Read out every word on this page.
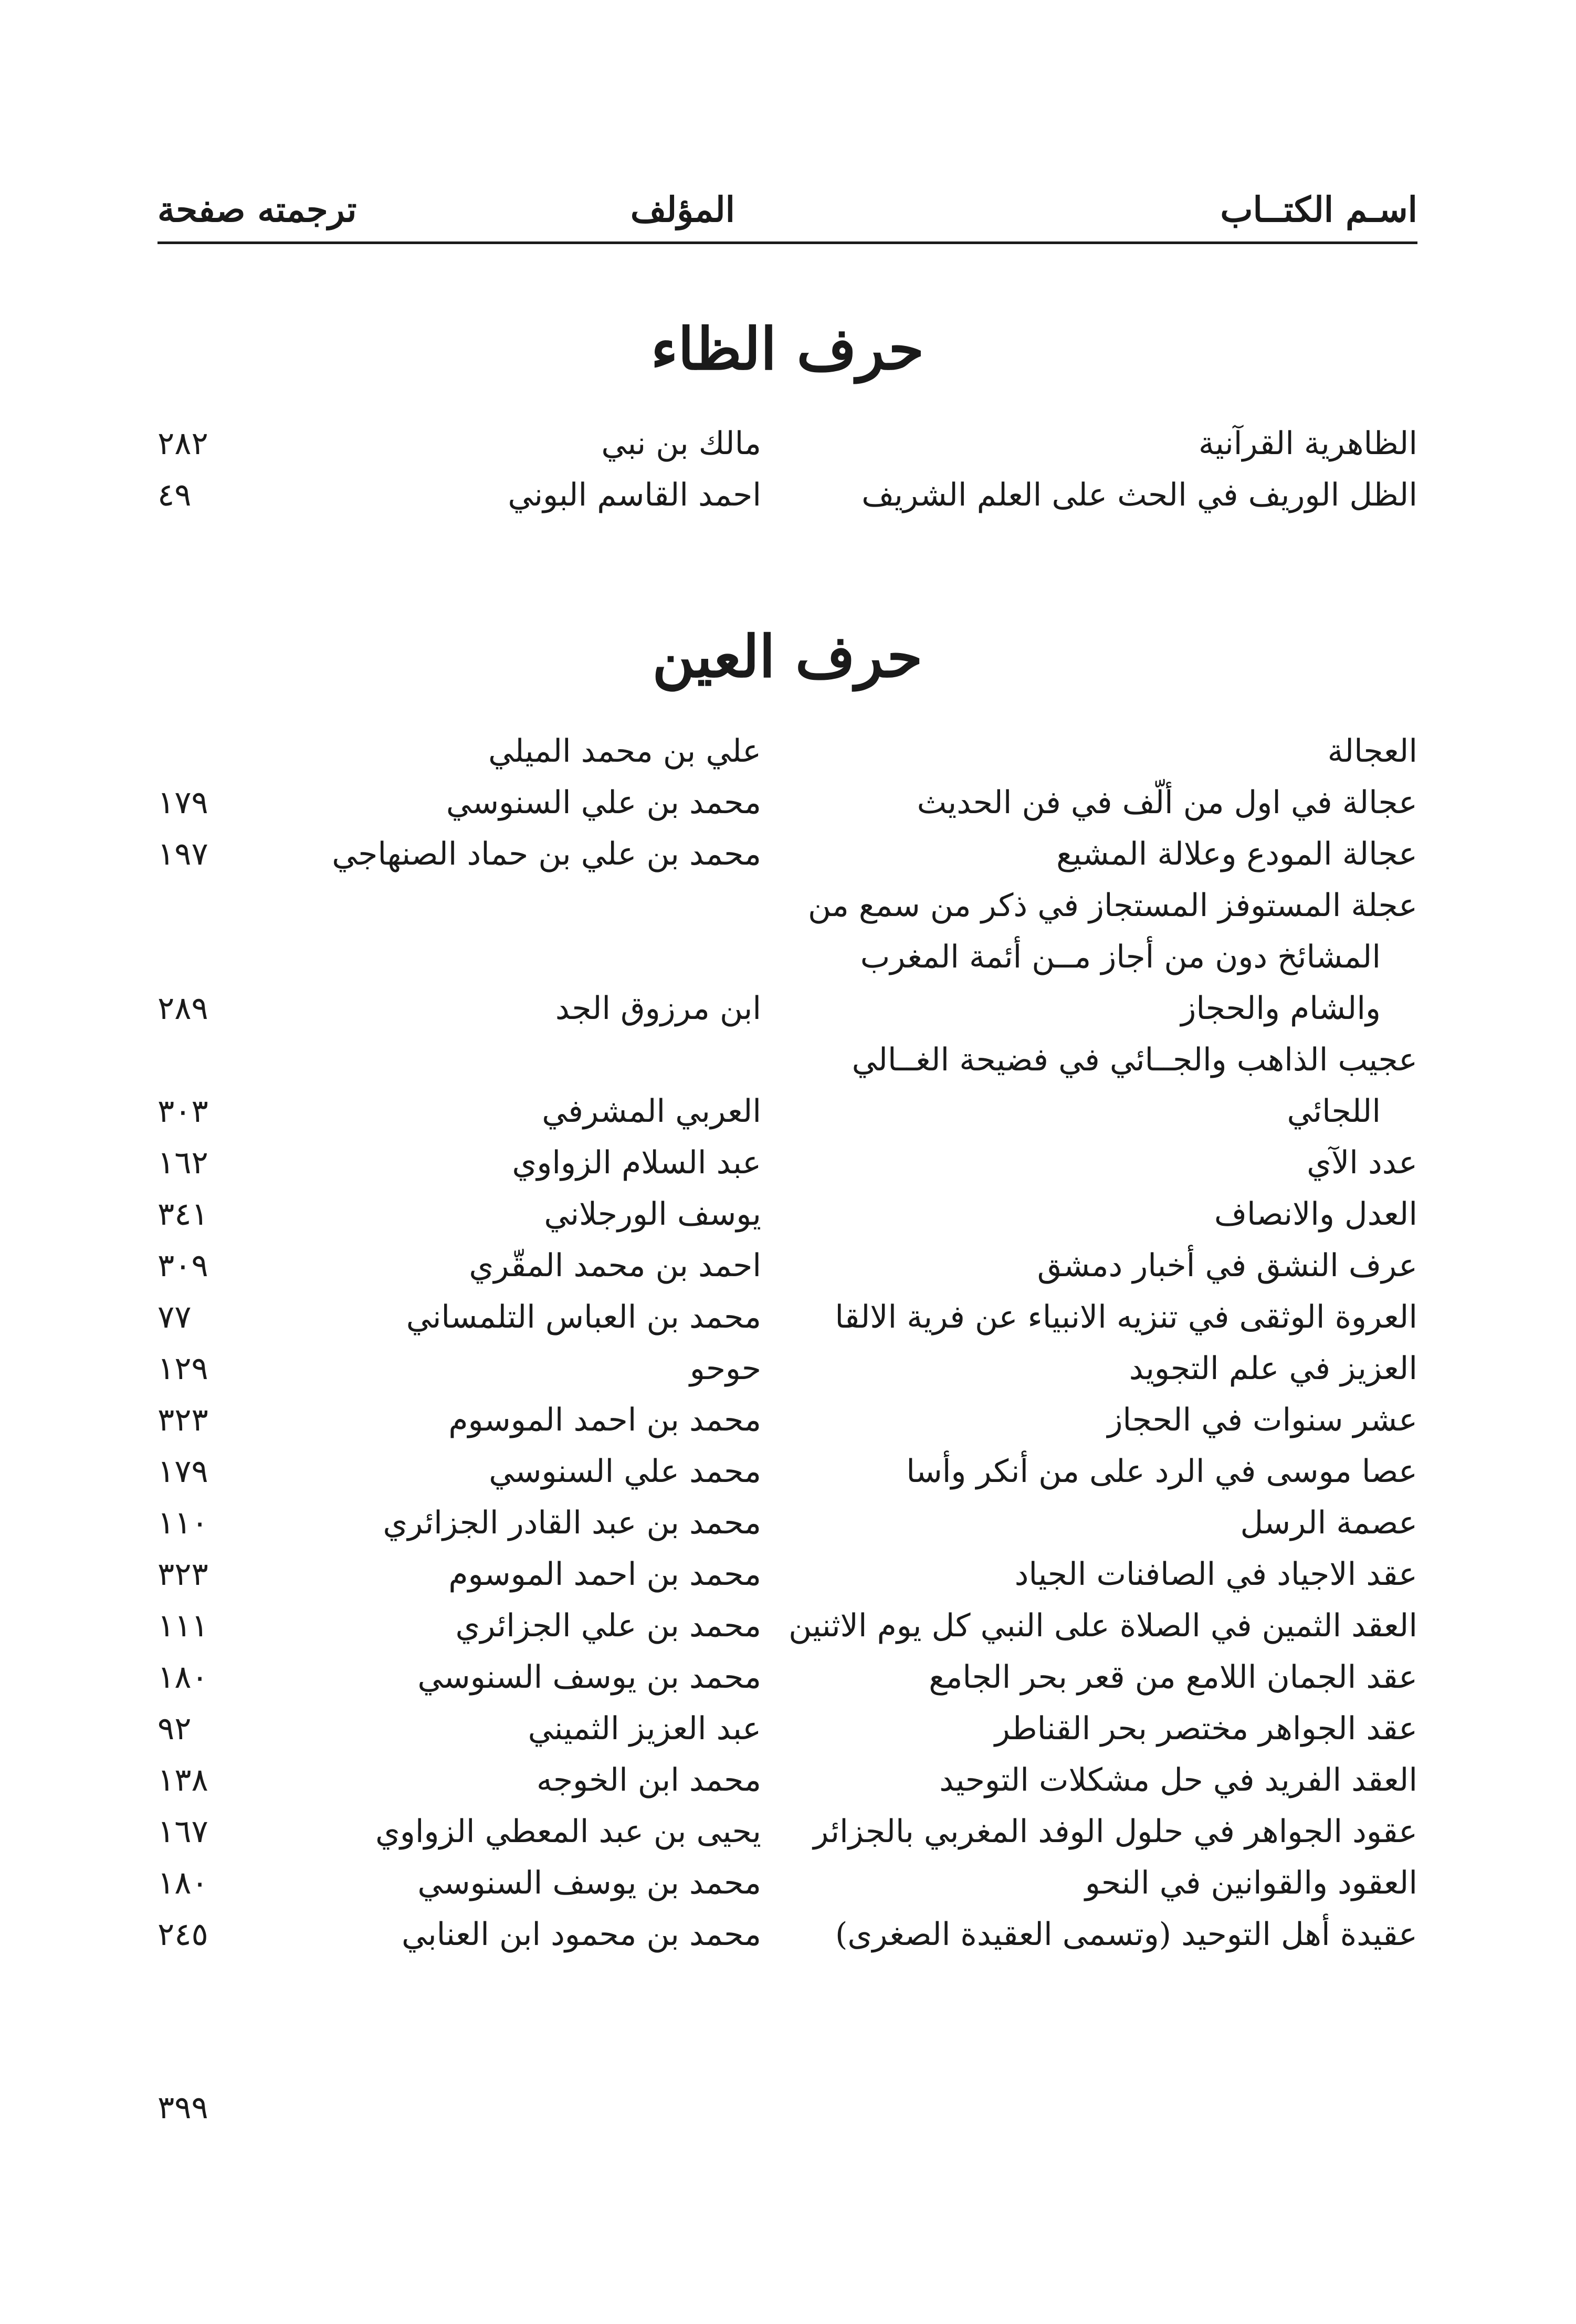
اسـم الكتــاب
المؤلف
ترجمته صفحة
حرف الظاء
الظاهرية القرآنية
مالك بن نبي
٢٨٢
الظل الوريف في الحث على العلم الشريف
احمد القاسم البوني
٤٩
حرف العين
العجالة
علي بن محمد الميلي
عجالة في اول من ألّف في فن الحديث
محمد بن علي السنوسي
١٧٩
عجالة المودع وعلالة المشيع
محمد بن علي بن حماد الصنهاجي
١٩٧
عجلة المستوفز المستجاز في ذكر من سمع من
المشائخ دون من أجاز مــن أئمة المغرب
والشام والحجاز
ابن مرزوق الجد
٢٨٩
عجيب الذاهب والجــائي في فضيحة الغــالي
اللجائي
العربي المشرفي
٣٠٣
عدد الآي
عبد السلام الزواوي
١٦٢
العدل والانصاف
يوسف الورجلاني
٣٤١
عرف النشق في أخبار دمشق
احمد بن محمد المقّري
٣٠٩
العروة الوثقى في تنزيه الانبياء عن فرية الالقا
محمد بن العباس التلمساني
٧٧
العزيز في علم التجويد
حوحو
١٢٩
عشر سنوات في الحجاز
محمد بن احمد الموسوم
٣٢٣
عصا موسى في الرد على من أنكر وأسا
محمد علي السنوسي
١٧٩
عصمة الرسل
محمد بن عبد القادر الجزائري
١١٠
عقد الاجياد في الصافنات الجياد
محمد بن احمد الموسوم
٣٢٣
العقد الثمين في الصلاة على النبي كل يوم الاثنين
محمد بن علي الجزائري
١١١
عقد الجمان اللامع من قعر بحر الجامع
محمد بن يوسف السنوسي
١٨٠
عقد الجواهر مختصر بحر القناطر
عبد العزيز الثميني
٩٢
العقد الفريد في حل مشكلات التوحيد
محمد ابن الخوجه
١٣٨
عقود الجواهر في حلول الوفد المغربي بالجزائر
يحيى بن عبد المعطي الزواوي
١٦٧
العقود والقوانين في النحو
محمد بن يوسف السنوسي
١٨٠
عقيدة أهل التوحيد (وتسمى العقيدة الصغرى)
محمد بن محمود ابن العنابي
٢٤٥
٣٩٩
